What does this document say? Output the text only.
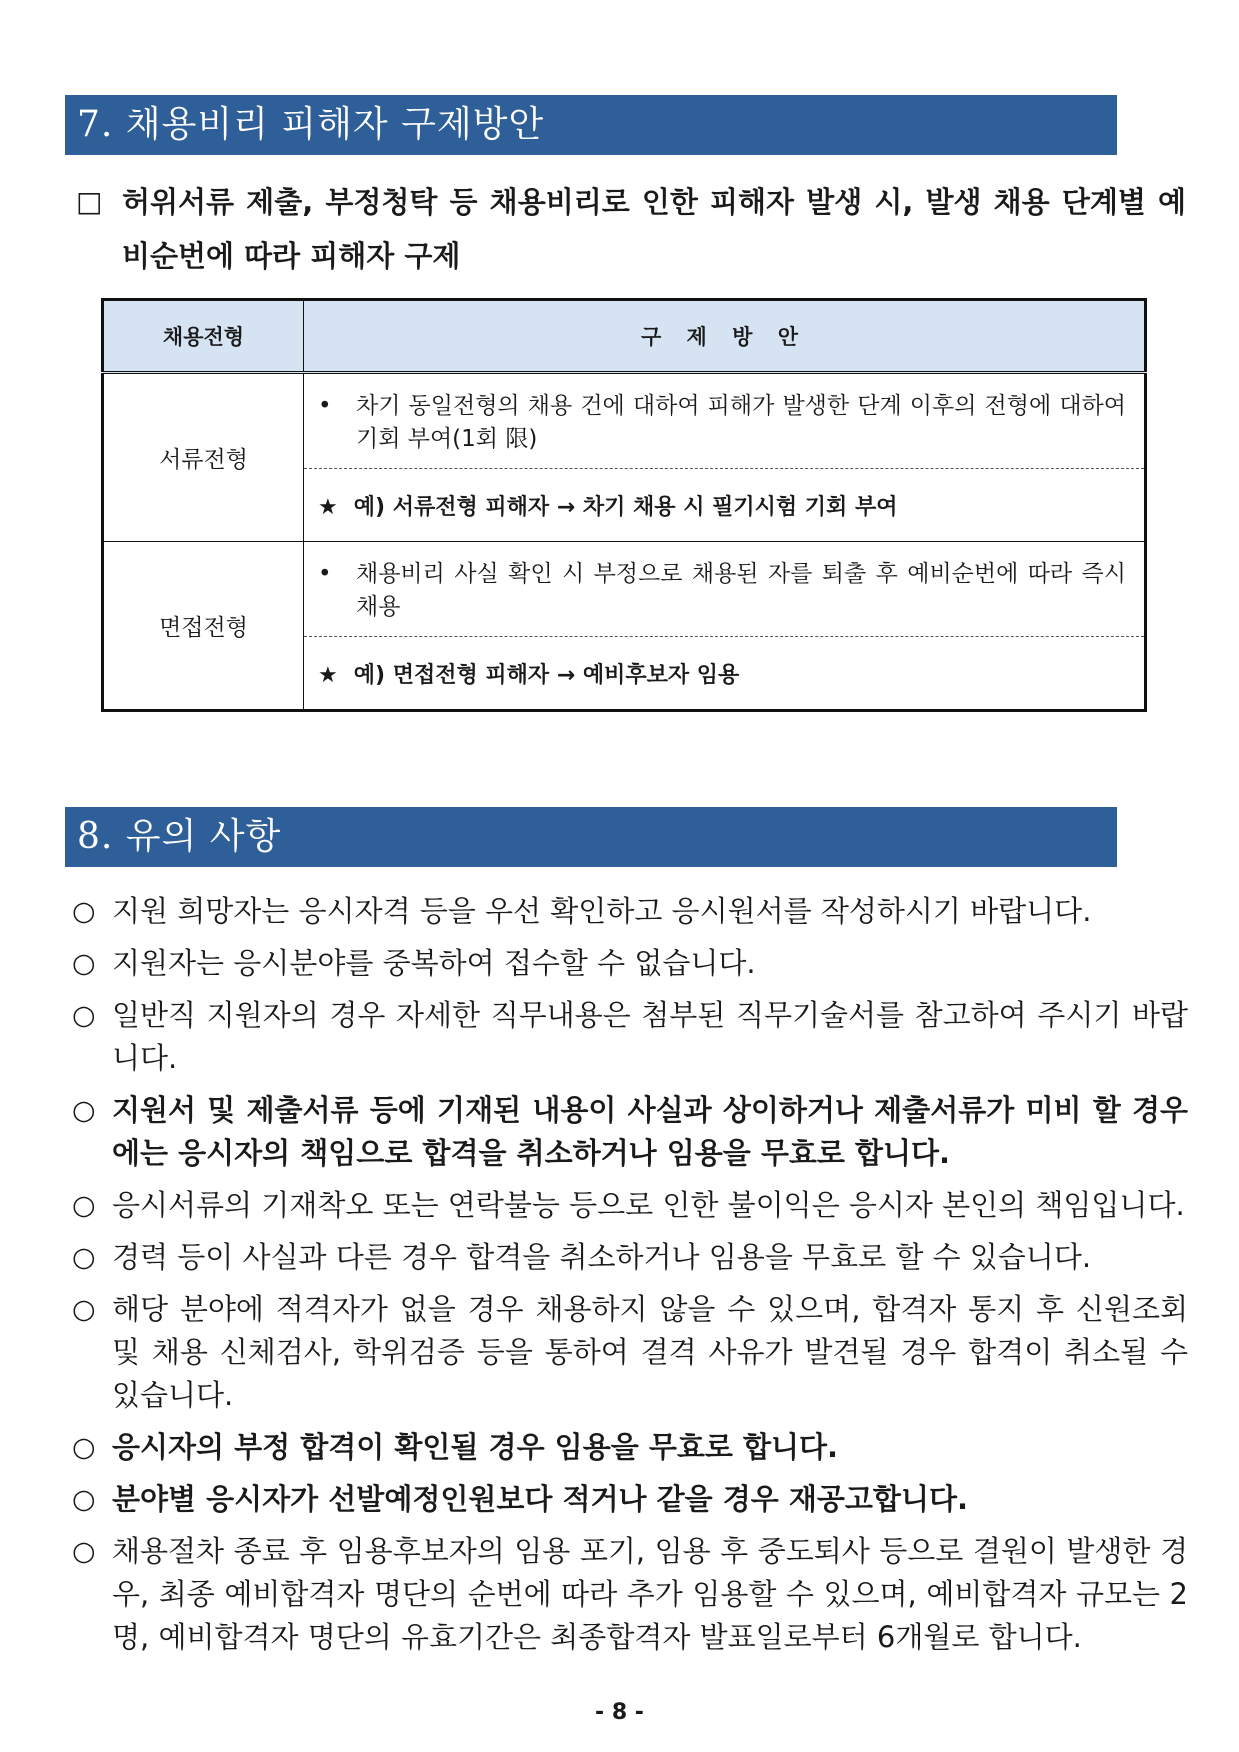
7. 채용비리 피해자 구제방안
□ 허위서류 제출, 부정청탁 등 채용비리로 인한 피해자 발생 시, 발생 채용 단계별 예비순번에 따라 피해자 구제
채용전형	구 제 방 안
서류전형	• 차기 동일전형의 채용 건에 대하여 피해가 발생한 단계 이후의 전형에 대하여 기회 부여(1회 限)

	★ 예) 서류전형 피해자 → 차기 채용 시 필기시험 기회 부여
면접전형	• 채용비리 사실 확인 시 부정으로 채용된 자를 퇴출 후 예비순번에 따라 즉시 채용

	★ 예) 면접전형 피해자 → 예비후보자 임용
8. 유의 사항
○ 지원 희망자는 응시자격 등을 우선 확인하고 응시원서를 작성하시기 바랍니다.
○ 지원자는 응시분야를 중복하여 접수할 수 없습니다.
○ 일반직 지원자의 경우 자세한 직무내용은 첨부된 직무기술서를 참고하여 주시기 바랍니다.
○ 지원서 및 제출서류 등에 기재된 내용이 사실과 상이하거나 제출서류가 미비 할 경우에는 응시자의 책임으로 합격을 취소하거나 임용을 무효로 합니다.
○ 응시서류의 기재착오 또는 연락불능 등으로 인한 불이익은 응시자 본인의 책임입니다.
○ 경력 등이 사실과 다른 경우 합격을 취소하거나 임용을 무효로 할 수 있습니다.
○ 해당 분야에 적격자가 없을 경우 채용하지 않을 수 있으며, 합격자 통지 후 신원조회 및 채용 신체검사, 학위검증 등을 통하여 결격 사유가 발견될 경우 합격이 취소될 수 있습니다.
○ 응시자의 부정 합격이 확인될 경우 임용을 무효로 합니다.
○ 분야별 응시자가 선발예정인원보다 적거나 같을 경우 재공고합니다.
○ 채용절차 종료 후 임용후보자의 임용 포기, 임용 후 중도퇴사 등으로 결원이 발생한 경우, 최종 예비합격자 명단의 순번에 따라 추가 임용할 수 있으며, 예비합격자 규모는 2명, 예비합격자 명단의 유효기간은 최종합격자 발표일로부터 6개월로 합니다.
- 8 -
